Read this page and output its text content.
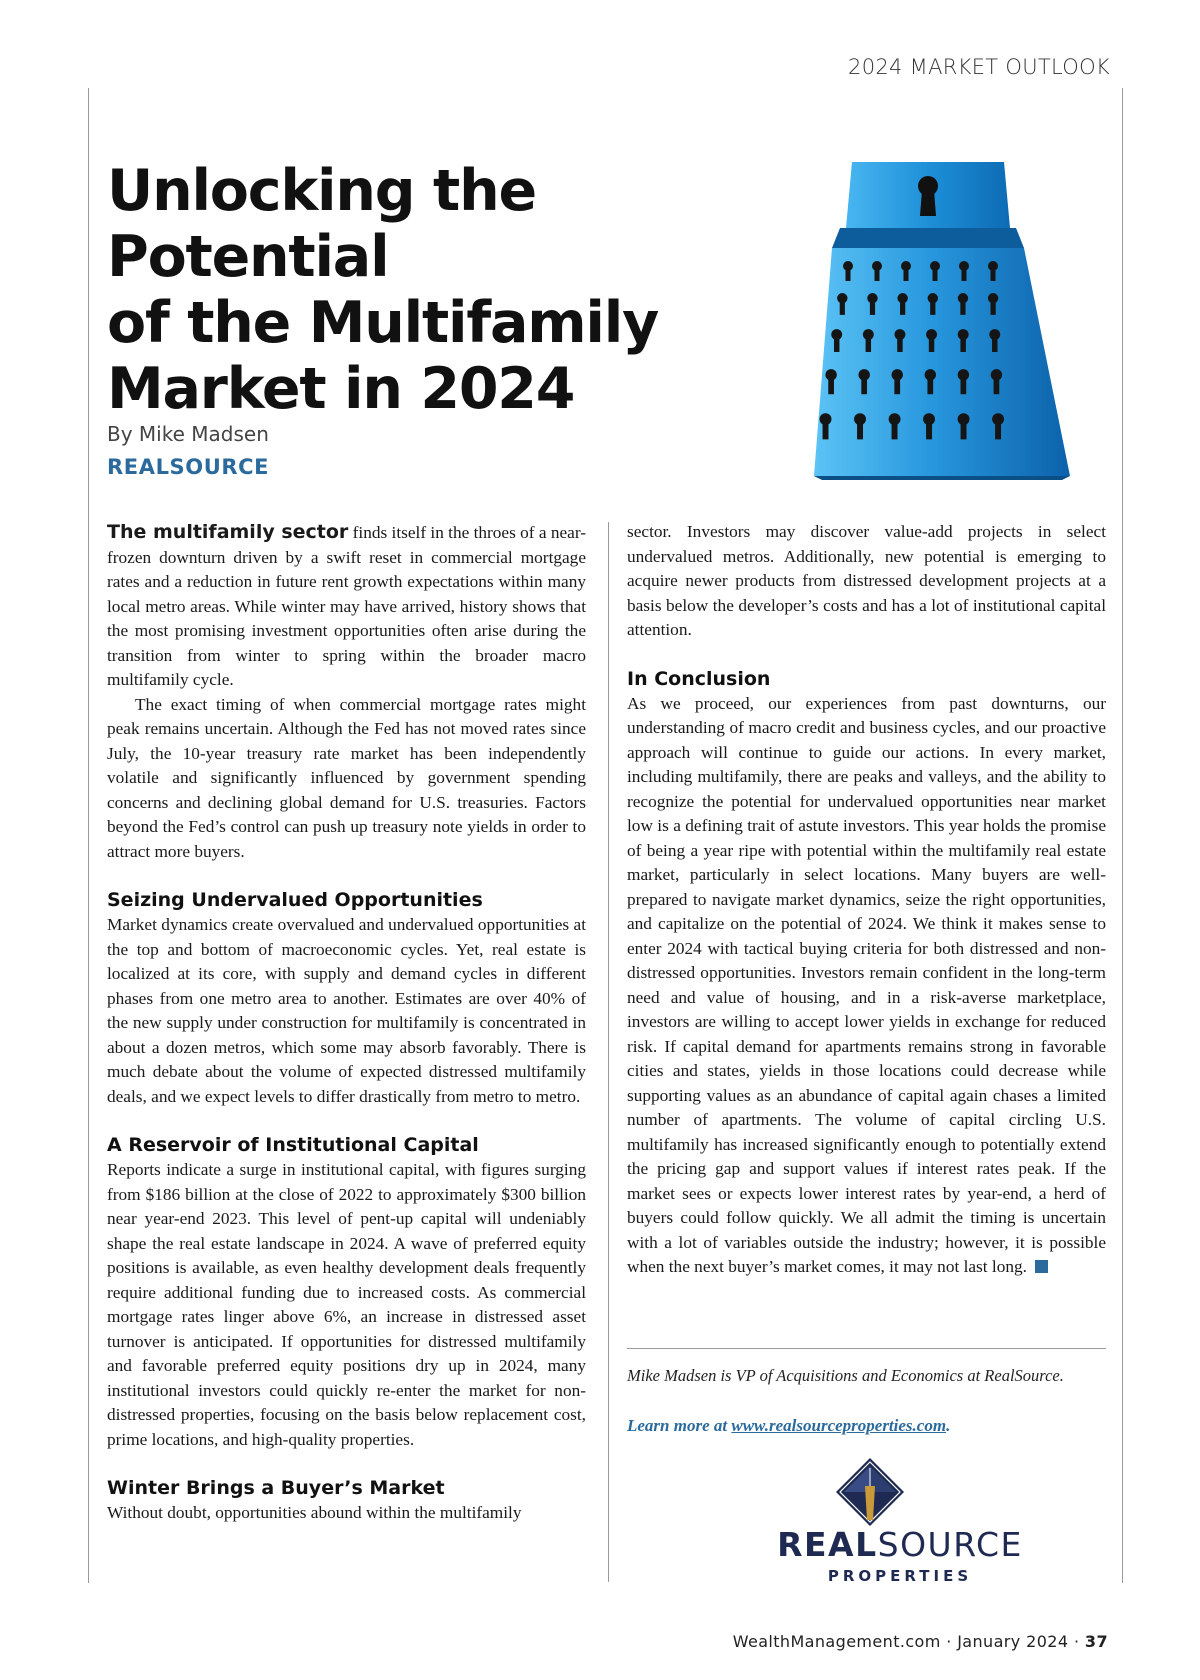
2024 MARKET OUTLOOK
Unlocking the Potential
of the Multifamily
Market in 2024
By Mike Madsen
REALSOURCE

The multifamily sector finds itself in the throes of a near-frozen downturn driven by a swift reset in commercial mortgage rates and a reduction in future rent growth expectations within many local metro areas. While winter may have arrived, history shows that the most promising investment opportunities often arise during the transition from winter to spring within the broader macro multifamily cycle.

The exact timing of when commercial mortgage rates might peak remains uncertain. Although the Fed has not moved rates since July, the 10-year treasury rate market has been independently volatile and significantly influenced by government spending concerns and declining global demand for U.S. treasuries. Factors beyond the Fed’s control can push up treasury note yields in order to attract more buyers.

Seizing Undervalued Opportunities

Market dynamics create overvalued and undervalued opportunities at the top and bottom of macroeconomic cycles. Yet, real estate is localized at its core, with supply and demand cycles in different phases from one metro area to another. Estimates are over 40% of the new supply under construction for multifamily is concentrated in about a dozen metros, which some may absorb favorably. There is much debate about the volume of expected distressed multifamily deals, and we expect levels to differ drastically from metro to metro.

A Reservoir of Institutional Capital

Reports indicate a surge in institutional capital, with figures surging from $186 billion at the close of 2022 to approximately $300 billion near year-end 2023. This level of pent-up capital will undeniably shape the real estate landscape in 2024. A wave of preferred equity positions is available, as even healthy development deals frequently require additional funding due to increased costs. As commercial mortgage rates linger above 6%, an increase in distressed asset turnover is anticipated. If opportunities for distressed multifamily and favorable preferred equity positions dry up in 2024, many institutional investors could quickly re-enter the market for non-distressed properties, focusing on the basis below replacement cost, prime locations, and high-quality properties.

Winter Brings a Buyer’s Market

Without doubt, opportunities abound within the multifamily

sector. Investors may discover value-add projects in select undervalued metros. Additionally, new potential is emerging to acquire newer products from distressed development projects at a basis below the developer’s costs and has a lot of institutional capital attention.

In Conclusion

As we proceed, our experiences from past downturns, our understanding of macro credit and business cycles, and our proactive approach will continue to guide our actions. In every market, including multifamily, there are peaks and valleys, and the ability to recognize the potential for undervalued opportunities near market low is a defining trait of astute investors. This year holds the promise of being a year ripe with potential within the multifamily real estate market, particularly in select locations. Many buyers are well-prepared to navigate market dynamics, seize the right opportunities, and capitalize on the potential of 2024. We think it makes sense to enter 2024 with tactical buying criteria for both distressed and non-distressed opportunities. Investors remain confident in the long-term need and value of housing, and in a risk-averse marketplace, investors are willing to accept lower yields in exchange for reduced risk. If capital demand for apartments remains strong in favorable cities and states, yields in those locations could decrease while supporting values as an abundance of capital again chases a limited number of apartments. The volume of capital circling U.S. multifamily has increased significantly enough to potentially extend the pricing gap and support values if interest rates peak. If the market sees or expects lower interest rates by year-end, a herd of buyers could follow quickly. We all admit the timing is uncertain with a lot of variables outside the industry; however, it is possible when the next buyer’s market comes, it may not last long.

Mike Madsen is VP of Acquisitions and Economics at RealSource.
Learn more at www.realsourceproperties.com.
REALSOURCE
PROPERTIES
WealthManagement.com · January 2024 · 37
